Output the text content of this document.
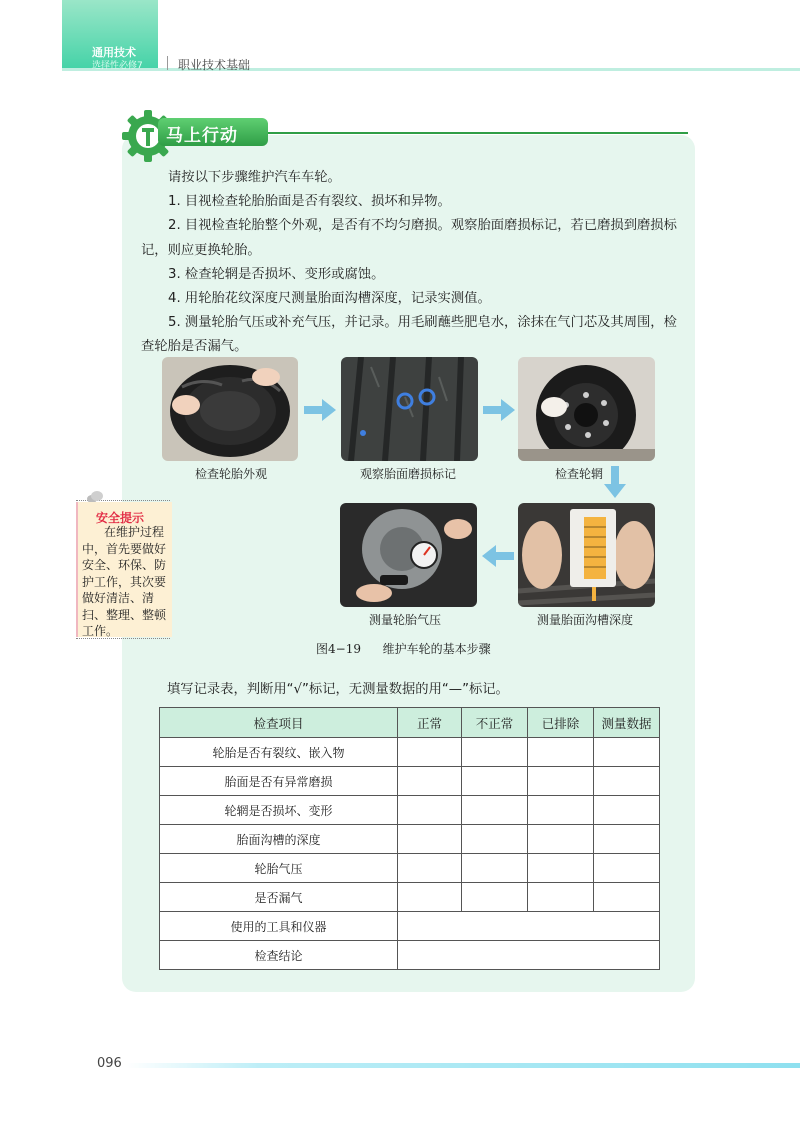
通用技术
选择性必修7	职业技术基础
马上行动

请按以下步骤维护汽车车轮。

1. 目视检查轮胎胎面是否有裂纹、损坏和异物。

2. 目视检查轮胎整个外观，是否有不均匀磨损。观察胎面磨损标记，若已磨损到磨损标记，则应更换轮胎。

3. 检查轮辋是否损坏、变形或腐蚀。

4. 用轮胎花纹深度尺测量胎面沟槽深度，记录实测值。

5. 测量轮胎气压或补充气压，并记录。用毛刷蘸些肥皂水，涂抹在气门芯及其周围，检查轮胎是否漏气。

检查轮胎外观	观察胎面磨损标记	检查轮辋
测量轮胎气压	测量胎面沟槽深度
图4−19 维护车轮的基本步骤
安全提示

在维护过程中，首先要做好安全、环保、防护工作，其次要做好清洁、清扫、整理、整顿工作。

填写记录表，判断用“√”标记，无测量数据的用“—”标记。
检查项目	正常	不正常	已排除	测量数据
轮胎是否有裂纹、嵌入物				
胎面是否有异常磨损				
轮辋是否损坏、变形				
胎面沟槽的深度				
轮胎气压				
是否漏气				
使用的工具和仪器				
检查结论				
096
